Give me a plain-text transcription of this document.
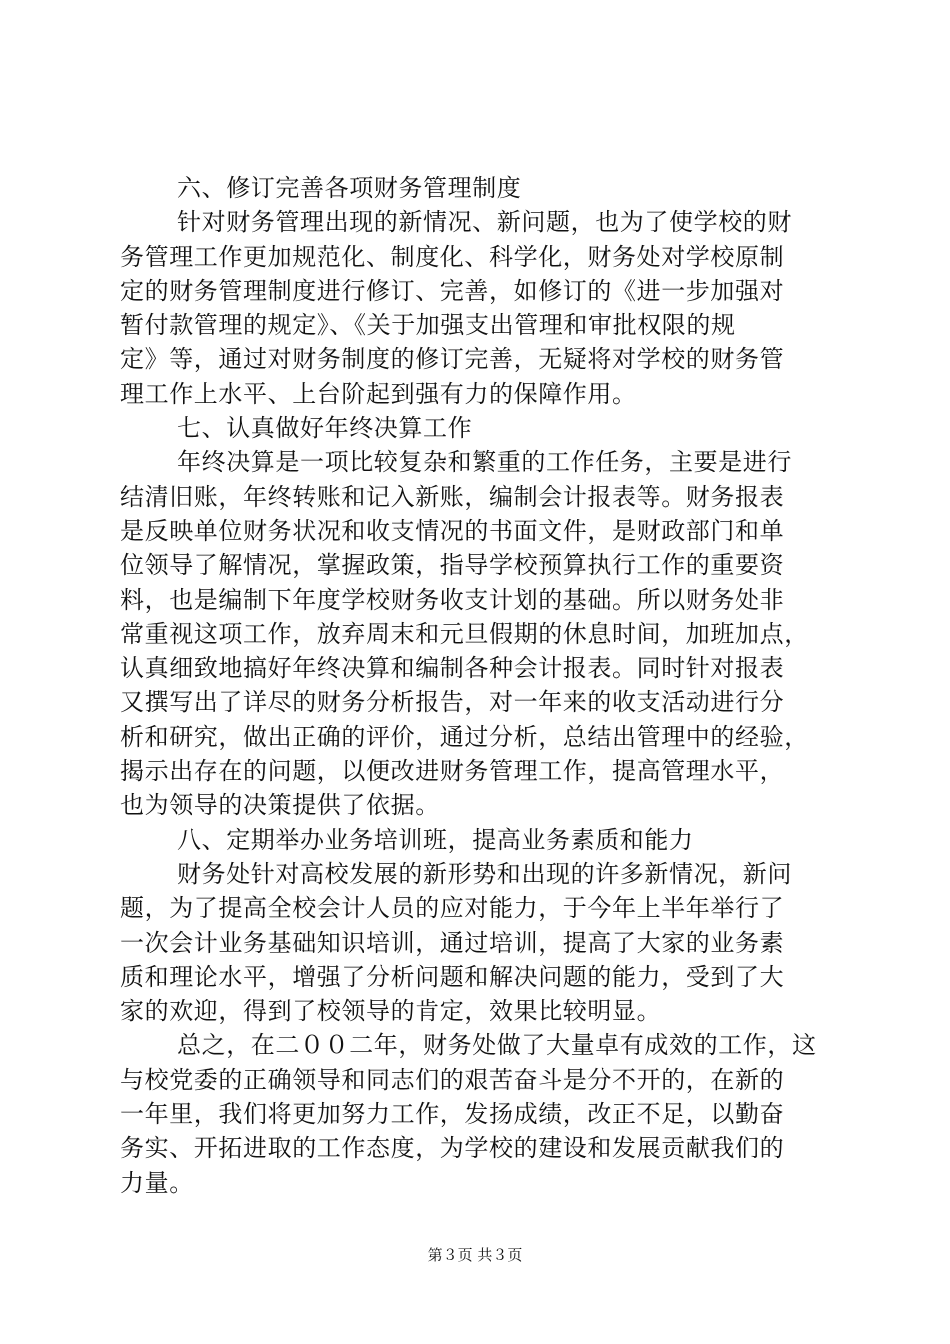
六、修订完善各项财务管理制度
针对财务管理出现的新情况、新问题，也为了使学校的财
务管理工作更加规范化、制度化、科学化，财务处对学校原制
定的财务管理制度进行修订、完善，如修订的《进一步加强对
暂付款管理的规定》、《关于加强支出管理和审批权限的规
定》等，通过对财务制度的修订完善，无疑将对学校的财务管
理工作上水平、上台阶起到强有力的保障作用。
七、认真做好年终决算工作
年终决算是一项比较复杂和繁重的工作任务，主要是进行
结清旧账，年终转账和记入新账，编制会计报表等。财务报表
是反映单位财务状况和收支情况的书面文件，是财政部门和单
位领导了解情况，掌握政策，指导学校预算执行工作的重要资
料，也是编制下年度学校财务收支计划的基础。所以财务处非
常重视这项工作，放弃周末和元旦假期的休息时间，加班加点，
认真细致地搞好年终决算和编制各种会计报表。同时针对报表
又撰写出了详尽的财务分析报告，对一年来的收支活动进行分
析和研究，做出正确的评价，通过分析，总结出管理中的经验，
揭示出存在的问题，以便改进财务管理工作，提高管理水平，
也为领导的决策提供了依据。
八、定期举办业务培训班，提高业务素质和能力
财务处针对高校发展的新形势和出现的许多新情况，新问
题，为了提高全校会计人员的应对能力，于今年上半年举行了
一次会计业务基础知识培训，通过培训，提高了大家的业务素
质和理论水平，增强了分析问题和解决问题的能力，受到了大
家的欢迎，得到了校领导的肯定，效果比较明显。
总之，在二００二年，财务处做了大量卓有成效的工作，这
与校党委的正确领导和同志们的艰苦奋斗是分不开的，在新的
一年里，我们将更加努力工作，发扬成绩，改正不足，以勤奋
务实、开拓进取的工作态度，为学校的建设和发展贡献我们的
力量。
第３页 共３页
